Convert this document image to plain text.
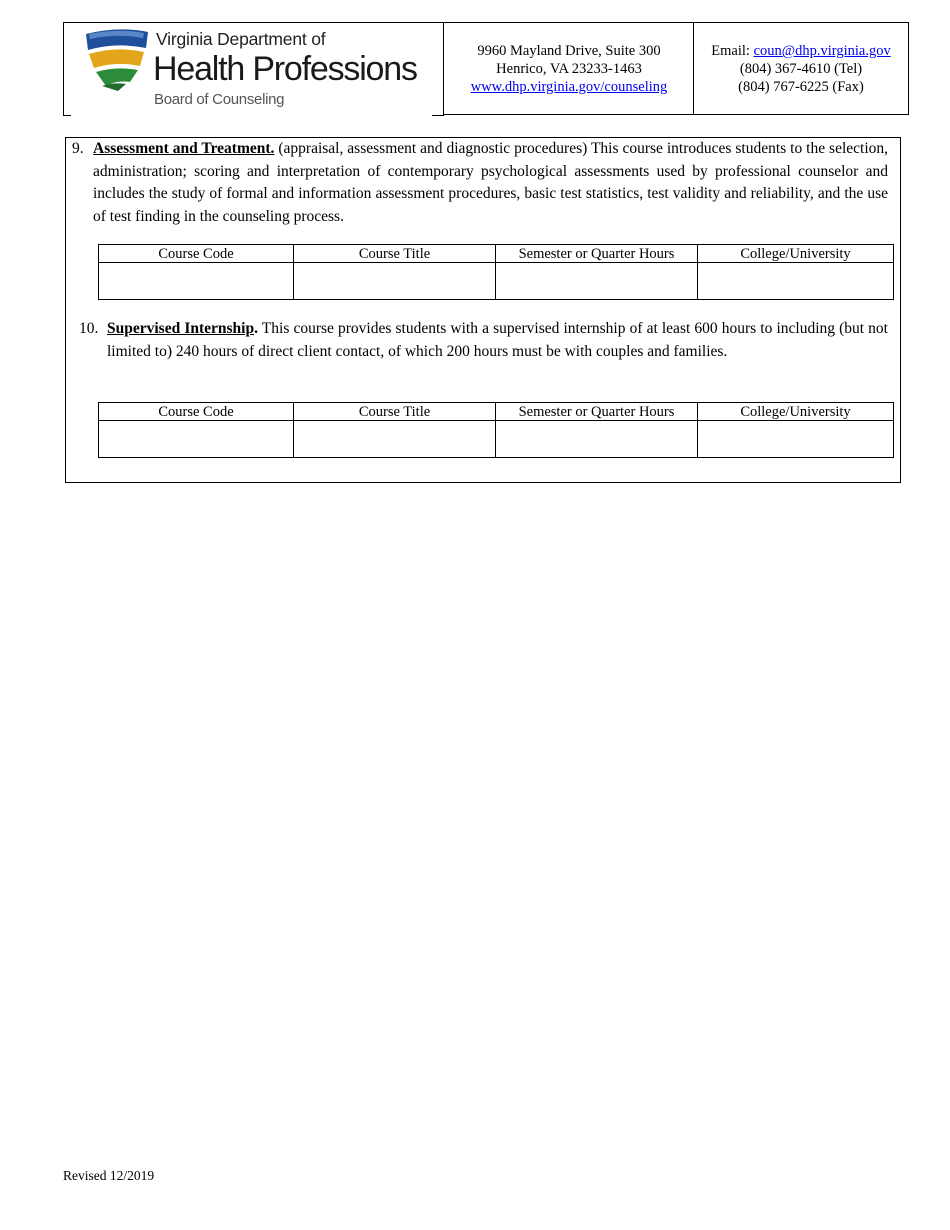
Virginia Department of
Health Professions
Board of Counseling
9960 Mayland Drive, Suite 300
Henrico, VA 23233-1463
www.dhp.virginia.gov/counseling
Email: coun@dhp.virginia.gov
(804) 367-4610 (Tel)
(804) 767-6225 (Fax)
9. Assessment and Treatment. (appraisal, assessment and diagnostic procedures) This course introduces students to the selection, administration; scoring and interpretation of contemporary psychological assessments used by professional counselor and includes the study of formal and information assessment procedures, basic test statistics, test validity and reliability, and the use of test finding in the counseling process.
Course Code	Course Title	Semester or Quarter Hours	College/University

10. Supervised Internship. This course provides students with a supervised internship of at least 600 hours to including (but not limited to) 240 hours of direct client contact, of which 200 hours must be with couples and families.
Course Code	Course Title	Semester or Quarter Hours	College/University

Revised 12/2019
